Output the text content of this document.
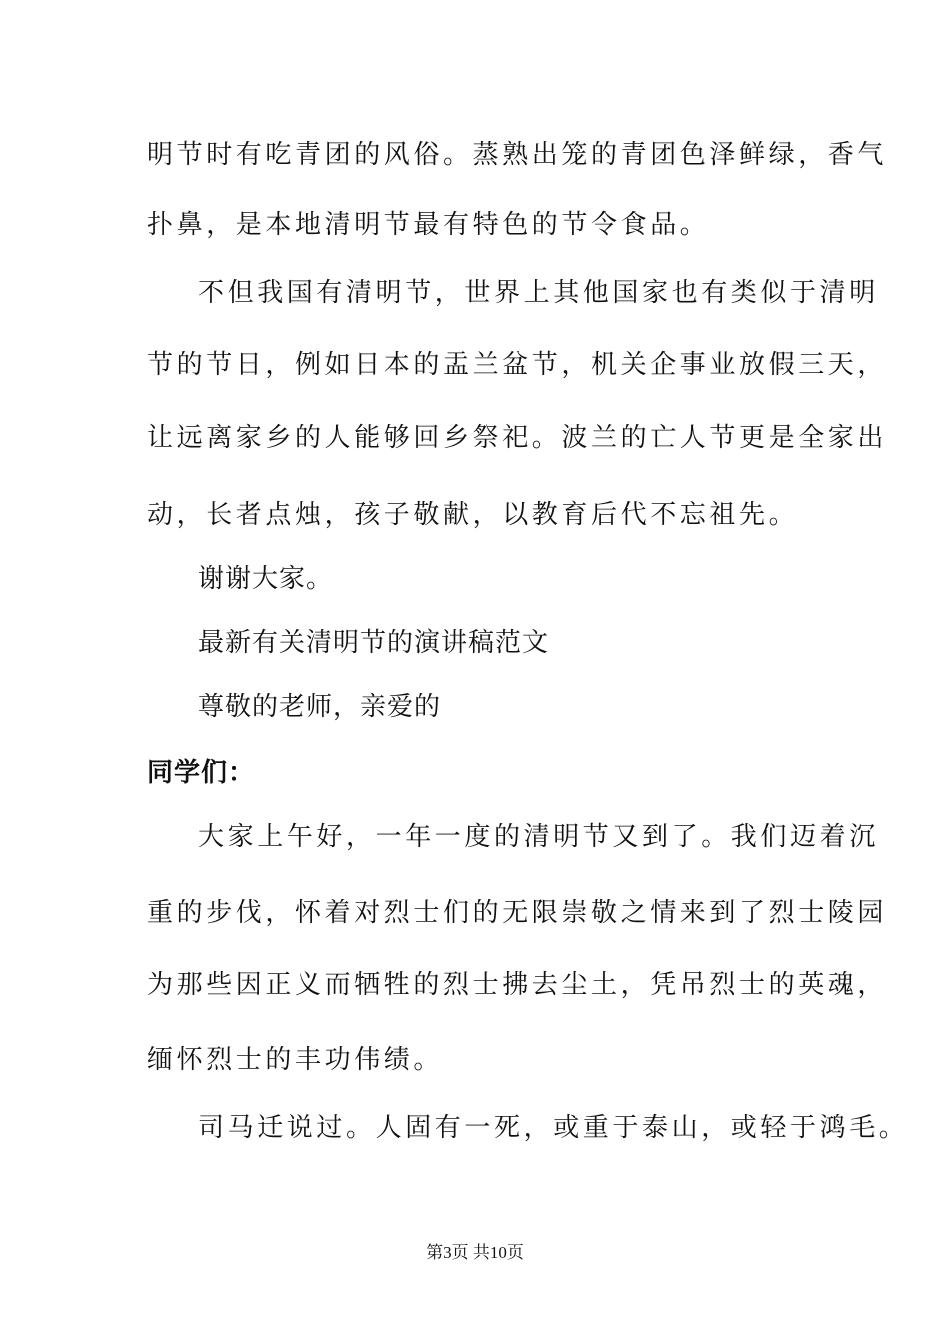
明节时有吃青团的风俗。蒸熟出笼的青团色泽鲜绿，香气
扑鼻，是本地清明节最有特色的节令食品。
不但我国有清明节，世界上其他国家也有类似于清明
节的节日，例如日本的盂兰盆节，机关企事业放假三天，
让远离家乡的人能够回乡祭祀。波兰的亡人节更是全家出
动，长者点烛，孩子敬献，以教育后代不忘祖先。
谢谢大家。
最新有关清明节的演讲稿范文
尊敬的老师，亲爱的
同学们：
大家上午好，一年一度的清明节又到了。我们迈着沉
重的步伐，怀着对烈士们的无限崇敬之情来到了烈士陵园
为那些因正义而牺牲的烈士拂去尘土，凭吊烈士的英魂，
缅怀烈士的丰功伟绩。
司马迁说过。人固有一死，或重于泰山，或轻于鸿毛。
第3页 共10页
